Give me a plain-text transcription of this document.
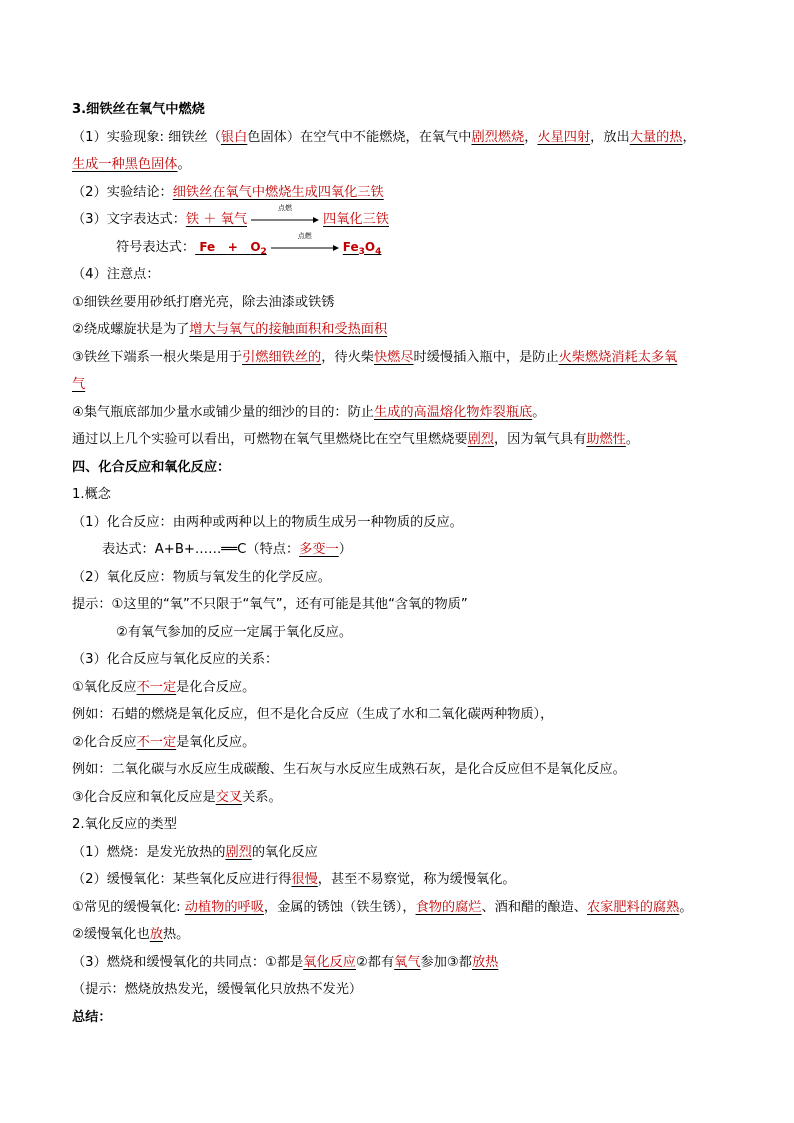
3.细铁丝在氧气中燃烧
（1）实验现象: 细铁丝（银白色固体）在空气中不能燃烧，在氧气中剧烈燃烧，火星四射，放出大量的热，
生成一种黑色固体。
（2）实验结论：细铁丝在氧气中燃烧生成四氧化三铁
（3）文字表达式：铁 ＋ 氧气
点燃
四氧化三铁
符号表达式： $Fe + O_2$
点燃
$Fe_3O_4$
（4）注意点：
①细铁丝要用砂纸打磨光亮，除去油漆或铁锈
②绕成螺旋状是为了增大与氧气的接触面积和受热面积
③铁丝下端系一根火柴是用于引燃细铁丝的，待火柴快燃尽时缓慢插入瓶中，是防止火柴燃烧消耗太多氧
气
④集气瓶底部加少量水或铺少量的细沙的目的：防止生成的高温熔化物炸裂瓶底。
通过以上几个实验可以看出，可燃物在氧气里燃烧比在空气里燃烧要剧烈，因为氧气具有助燃性。
四、化合反应和氧化反应：
1.概念
（1）化合反应：由两种或两种以上的物质生成另一种物质的反应。
表达式：A+B+……══C（特点：多变一）
（2）氧化反应：物质与氧发生的化学反应。
提示：①这里的“氧”不只限于“氧气”，还有可能是其他“含氧的物质”
②有氧气参加的反应一定属于氧化反应。
（3）化合反应与氧化反应的关系：
①氧化反应不一定是化合反应。
例如：石蜡的燃烧是氧化反应，但不是化合反应（生成了水和二氧化碳两种物质），
②化合反应不一定是氧化反应。
例如：二氧化碳与水反应生成碳酸、生石灰与水反应生成熟石灰，是化合反应但不是氧化反应。
③化合反应和氧化反应是交叉关系。
2.氧化反应的类型
（1）燃烧：是发光放热的剧烈的氧化反应
（2）缓慢氧化：某些氧化反应进行得很慢，甚至不易察觉，称为缓慢氧化。
①常见的缓慢氧化: 动植物的呼吸，金属的锈蚀（铁生锈），食物的腐烂、酒和醋的酿造、农家肥料的腐熟。
②缓慢氧化也放热。
（3）燃烧和缓慢氧化的共同点：①都是氧化反应②都有氧气参加③都放热
（提示：燃烧放热发光，缓慢氧化只放热不发光）
总结：
